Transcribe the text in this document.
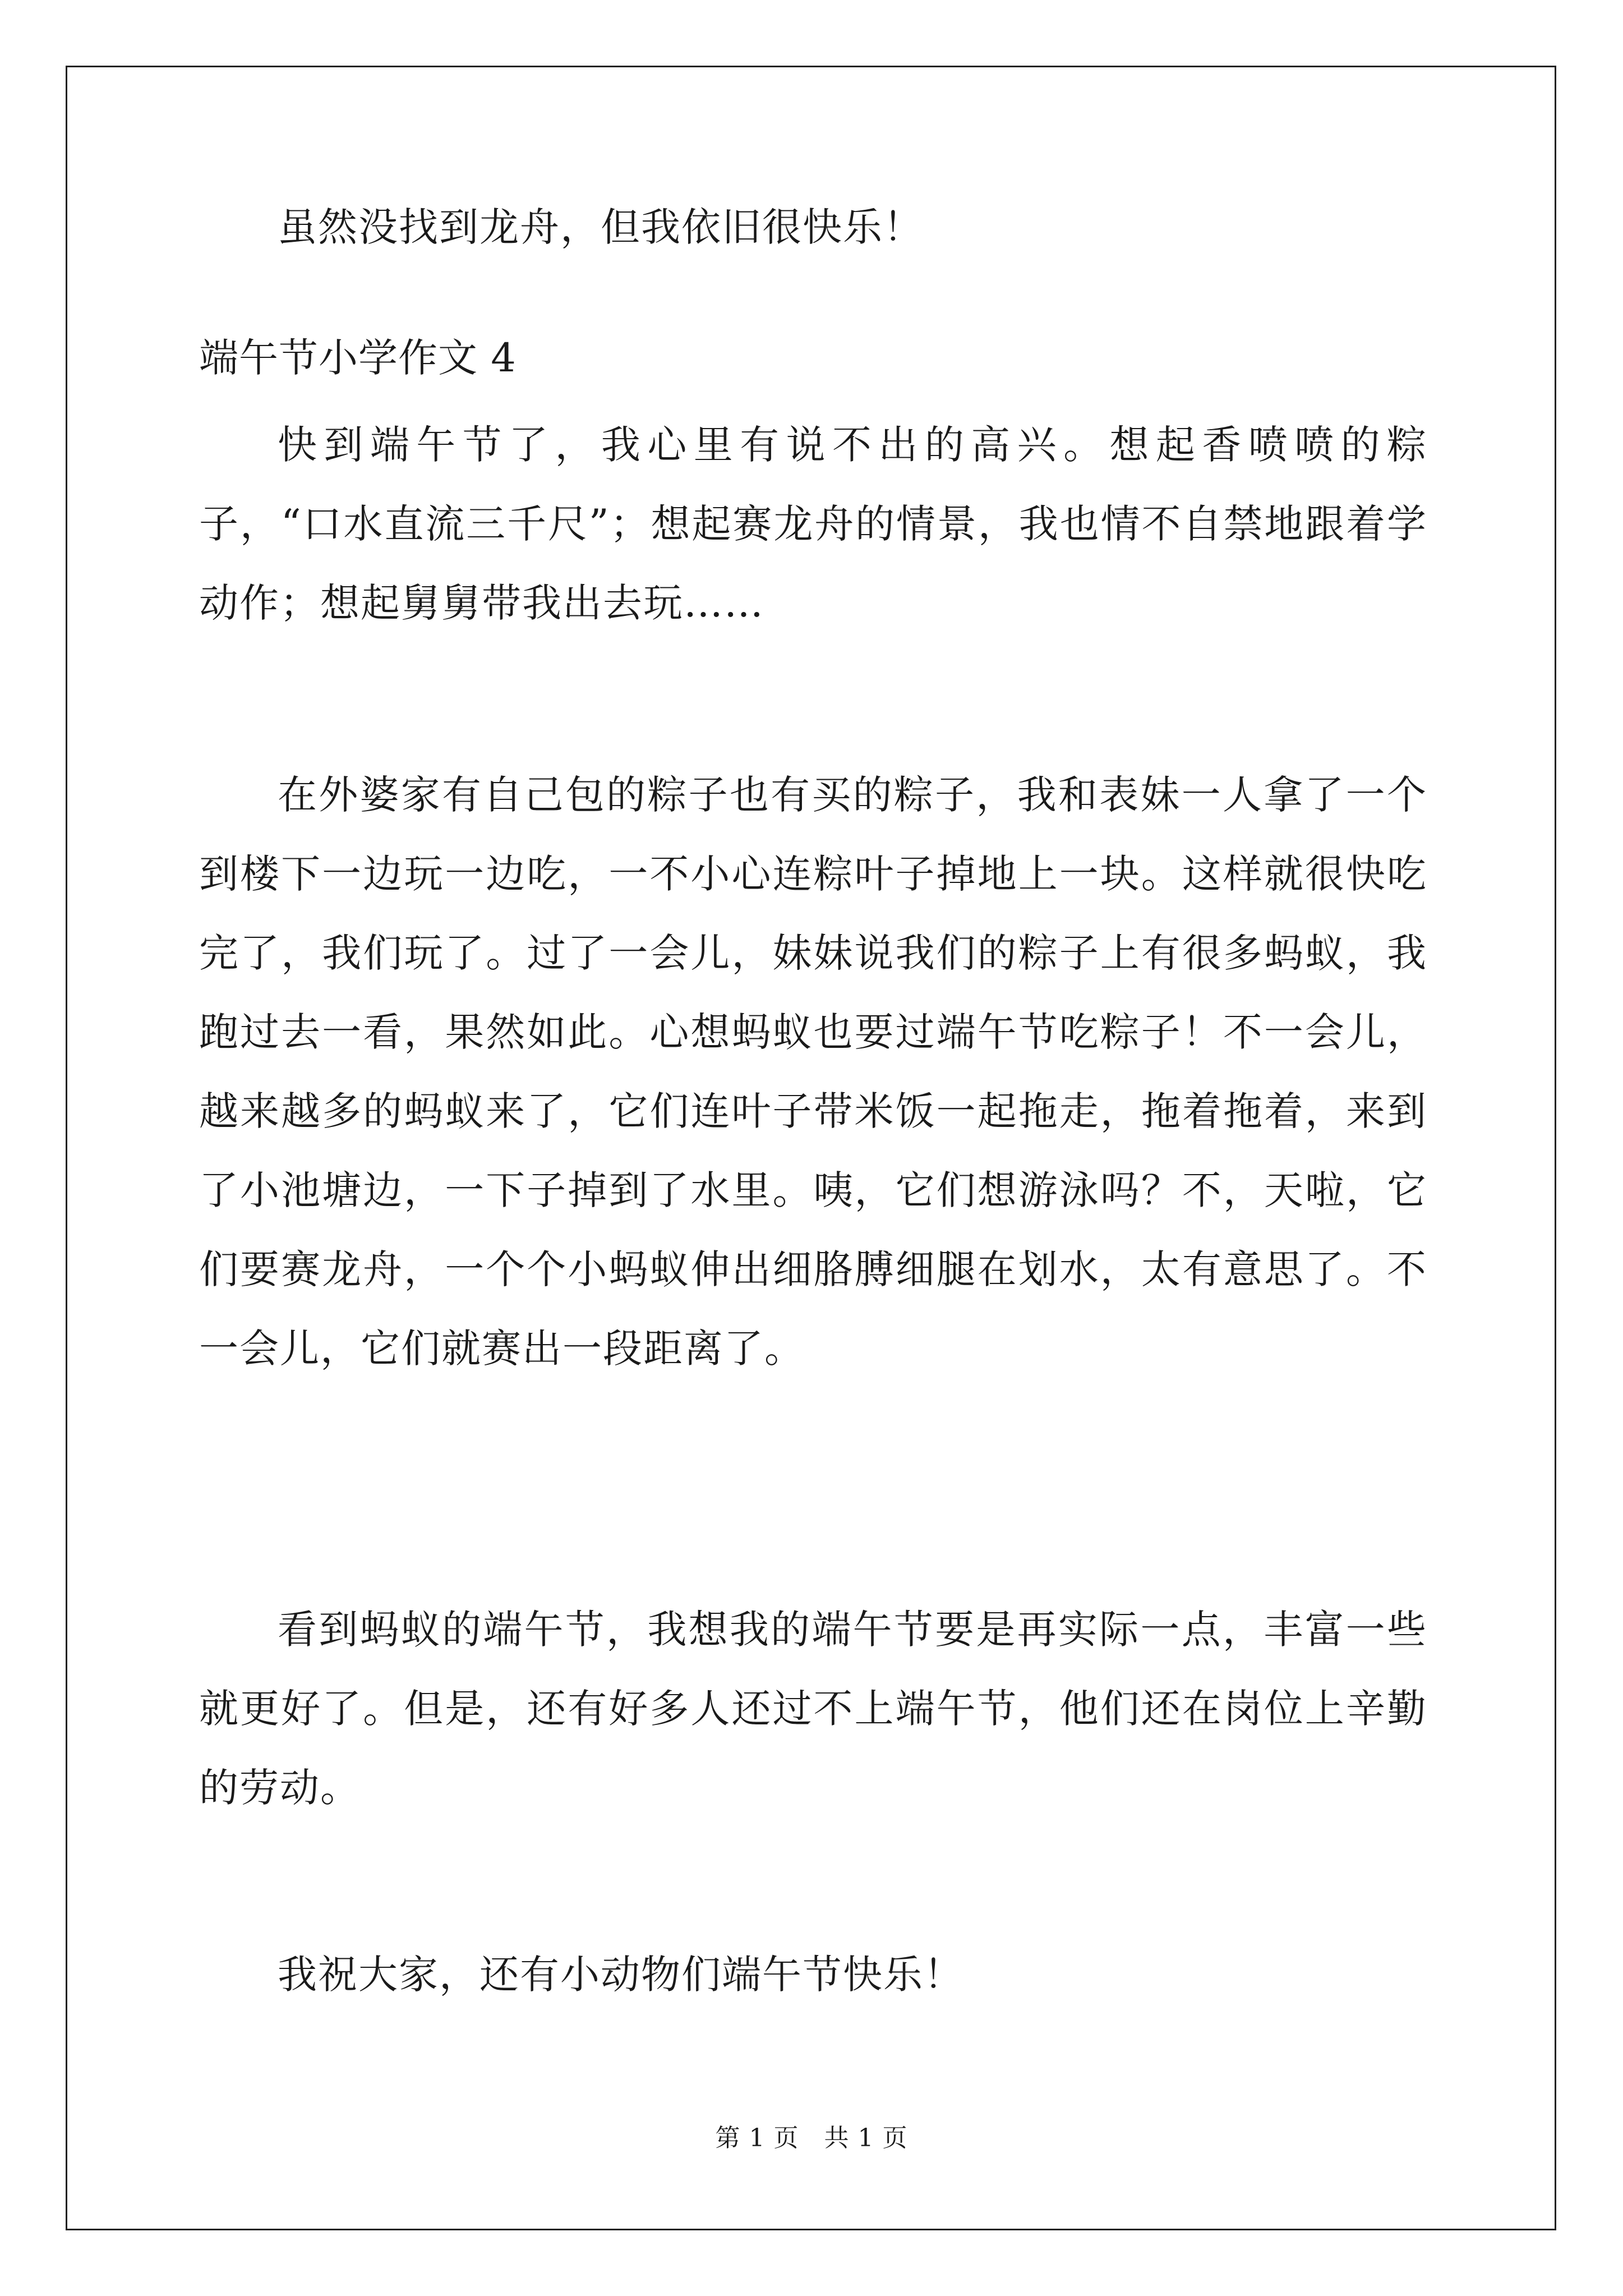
虽然没找到龙舟，但我依旧很快乐！

端午节小学作文 4

快到端午节了，我心里有说不出的高兴。想起香喷喷的粽子，“口水直流三千尺”；想起赛龙舟的情景，我也情不自禁地跟着学动作；想起舅舅带我出去玩……

在外婆家有自己包的粽子也有买的粽子，我和表妹一人拿了一个到楼下一边玩一边吃，一不小心连粽叶子掉地上一块。这样就很快吃完了，我们玩了。过了一会儿，妹妹说我们的粽子上有很多蚂蚁，我跑过去一看，果然如此。心想蚂蚁也要过端午节吃粽子！不一会儿，越来越多的蚂蚁来了，它们连叶子带米饭一起拖走，拖着拖着，来到了小池塘边，一下子掉到了水里。咦，它们想游泳吗？不，天啦，它们要赛龙舟，一个个小蚂蚁伸出细胳膊细腿在划水，太有意思了。不一会儿，它们就赛出一段距离了。

看到蚂蚁的端午节，我想我的端午节要是再实际一点，丰富一些就更好了。但是，还有好多人还过不上端午节，他们还在岗位上辛勤的劳动。

我祝大家，还有小动物们端午节快乐！

第 1 页 共 1 页
